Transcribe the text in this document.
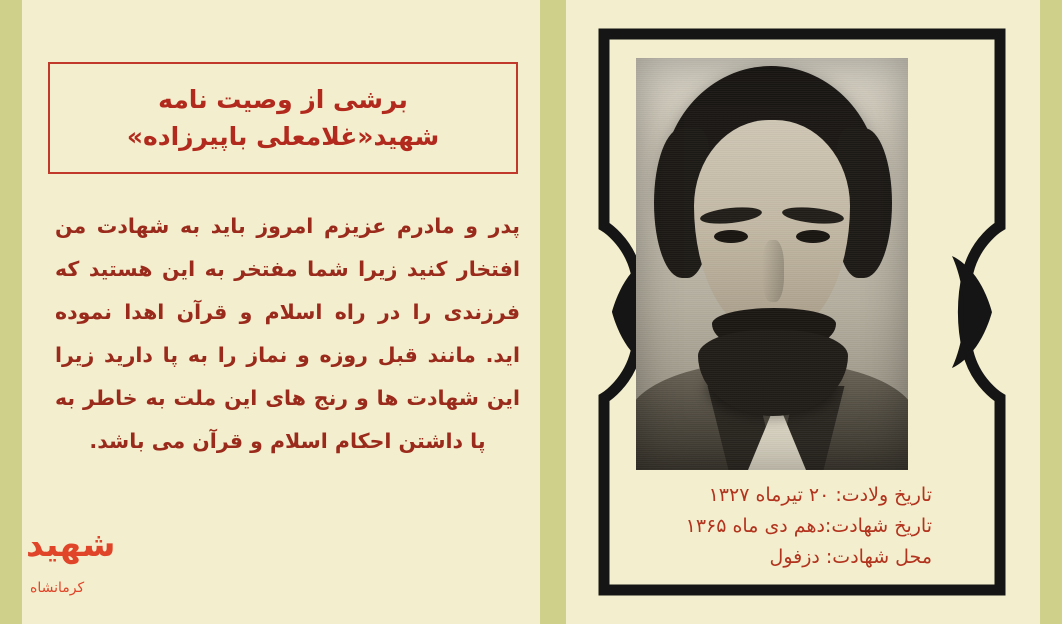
برشی از وصیت نامه
شهید«غلامعلی باپیرزاده»
پدر و مادرم عزیزم امروز باید به شهادت من افتخار کنید زیرا شما مفتخر به این هستید که فرزندی را در راه اسلام و قرآن اهدا نموده اید. مانند قبل روزه و نماز را به پا دارید زیرا این شهادت ها و رنج های این ملت به خاطر به پا داشتن احکام اسلام و قرآن می باشد.
تاریخ ولادت: ۲۰ تیرماه ۱۳۲۷
تاریخ شهادت:دهم دی ماه ۱۳۶۵
محل شهادت: دزفول
شهید
کرمانشاه
